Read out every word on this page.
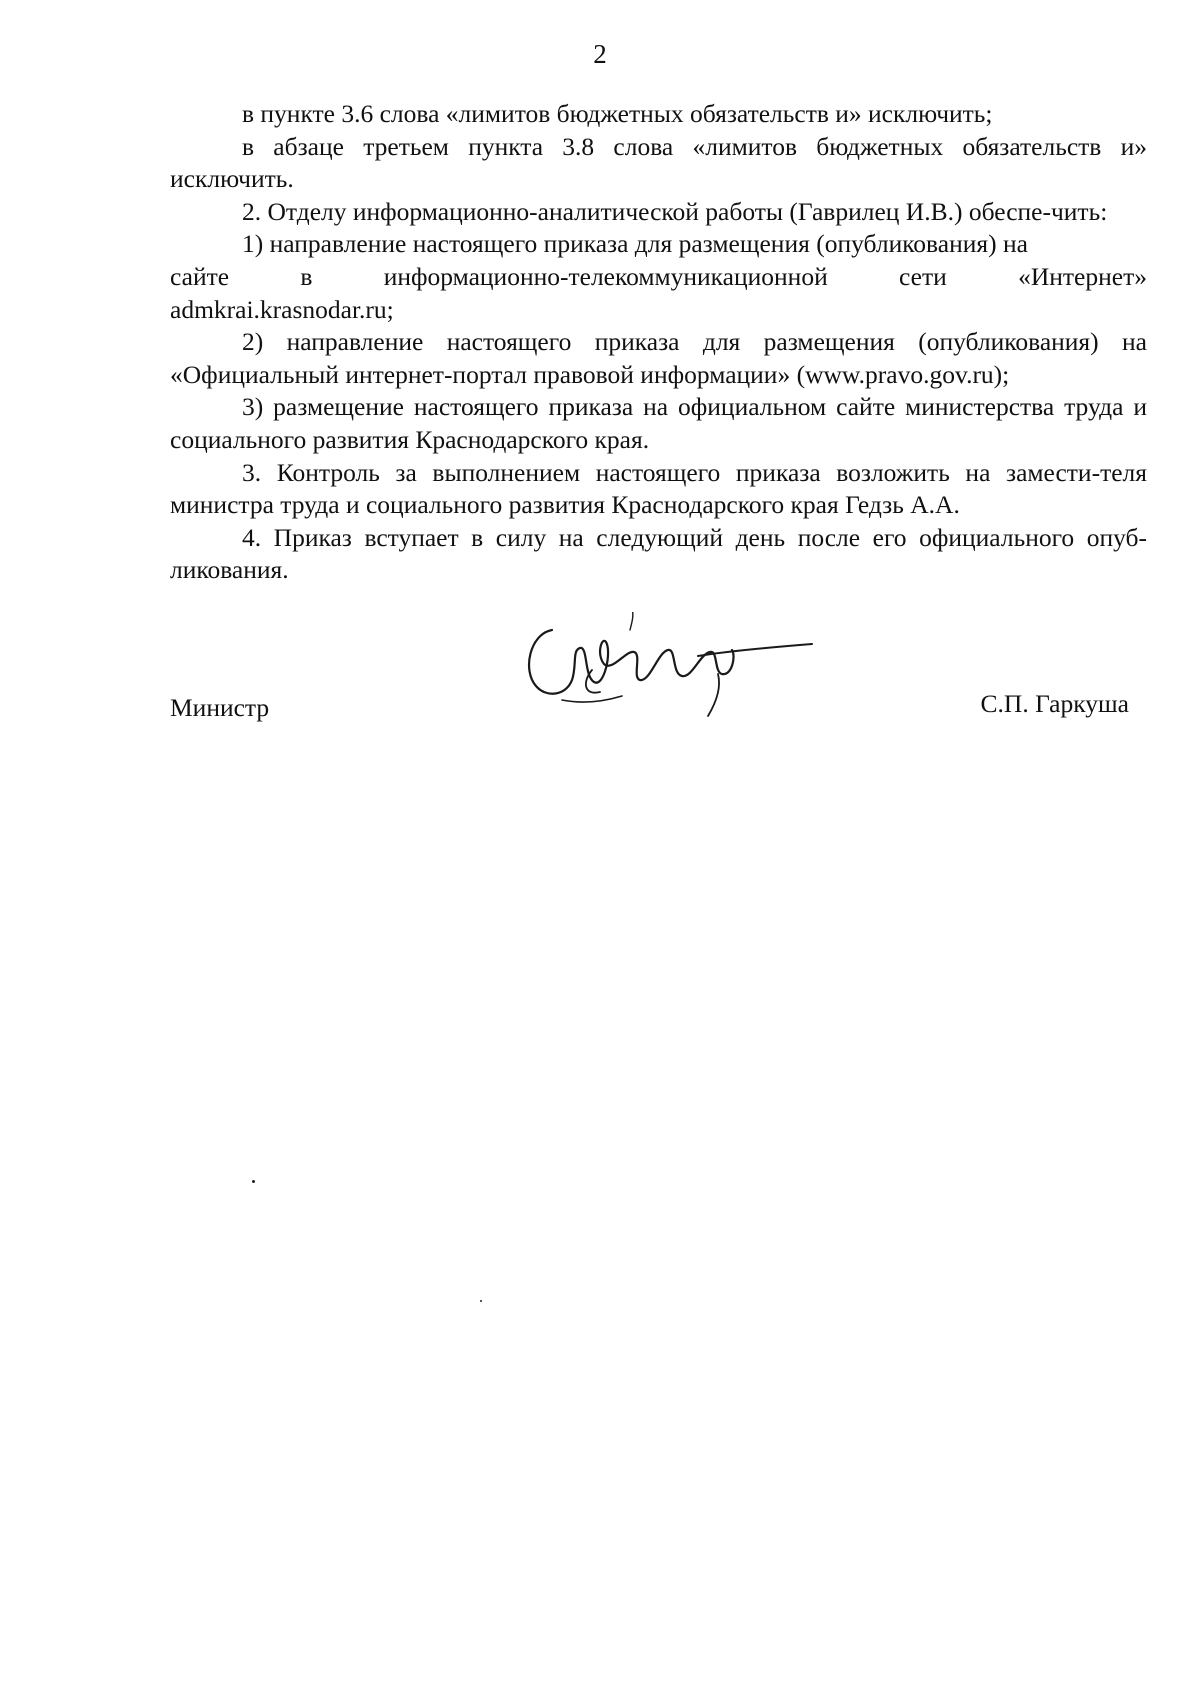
2

в пункте 3.6 слова «лимитов бюджетных обязательств и» исключить;

в абзаце третьем пункта 3.8 слова «лимитов бюджетных обязательств и» исключить.

2. Отделу информационно-аналитической работы (Гаврилец И.В.) обеспе-чить:

1) направление настоящего приказа для размещения (опубликования) на

сайте	в	информационно-телекоммуникационной	сети	«Интернет»

admkrai.krasnodar.ru;

2) направление настоящего приказа для размещения (опубликования) на «Официальный интернет-портал правовой информации» (www.pravo.gov.ru);

3) размещение настоящего приказа на официальном сайте министерства труда и социального развития Краснодарского края.

3. Контроль за выполнением настоящего приказа возложить на замести-теля министра труда и социального развития Краснодарского края Гедзь А.А.

4. Приказ вступает в силу на следующий день после его официального опуб-ликования.

Министр	С.П. Гаркуша
